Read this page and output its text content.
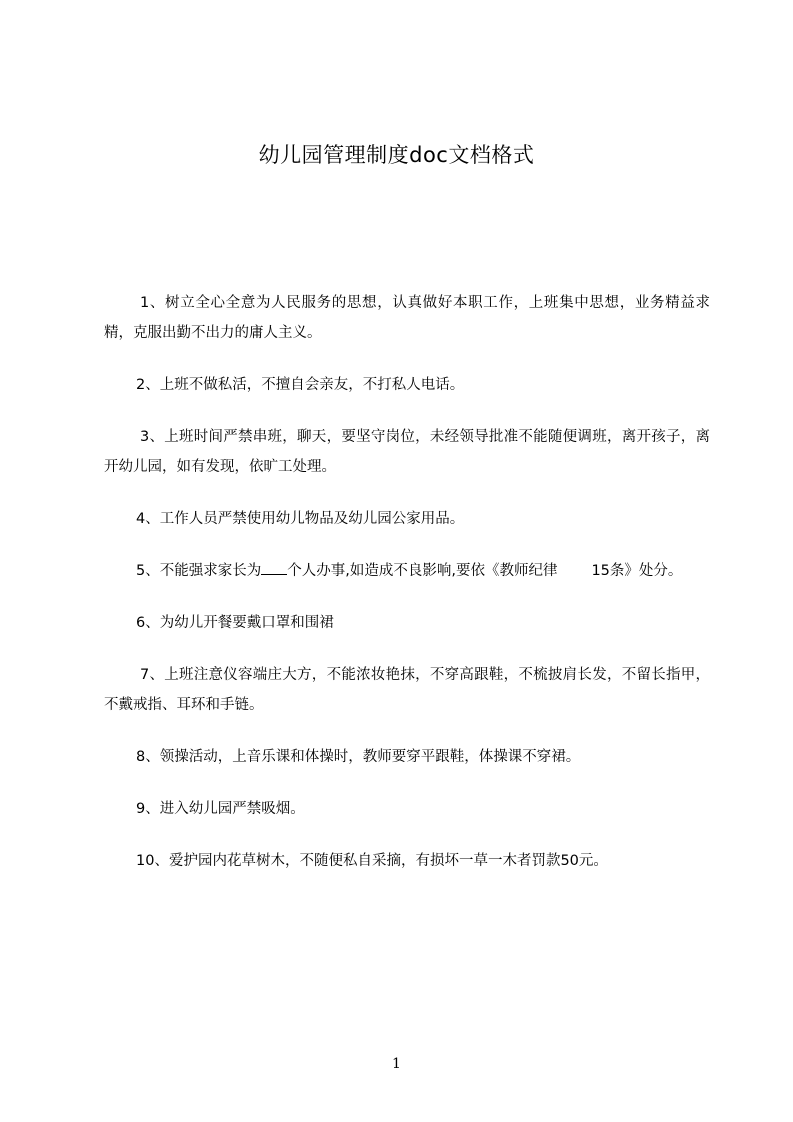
幼儿园管理制度doc文档格式

1、树立全心全意为人民服务的思想，认真做好本职工作，上班集中思想，业务精益求精，克服出勤不出力的庸人主义。

2、上班不做私活，不擅自会亲友，不打私人电话。

3、上班时间严禁串班，聊天，要坚守岗位，未经领导批准不能随便调班，离开孩子，离开幼儿园，如有发现，依旷工处理。

4、工作人员严禁使用幼儿物品及幼儿园公家用品。

5、不能强求家长为 个人办事,如造成不良影响,要依《教师纪律 15条》处分。

6、为幼儿开餐要戴口罩和围裙

7、上班注意仪容端庄大方，不能浓妆艳抹，不穿高跟鞋，不梳披肩长发，不留长指甲，不戴戒指、耳环和手链。

8、领操活动，上音乐课和体操时，教师要穿平跟鞋，体操课不穿裙。

9、进入幼儿园严禁吸烟。

10、爱护园内花草树木，不随便私自采摘，有损坏一草一木者罚款50元。

1
